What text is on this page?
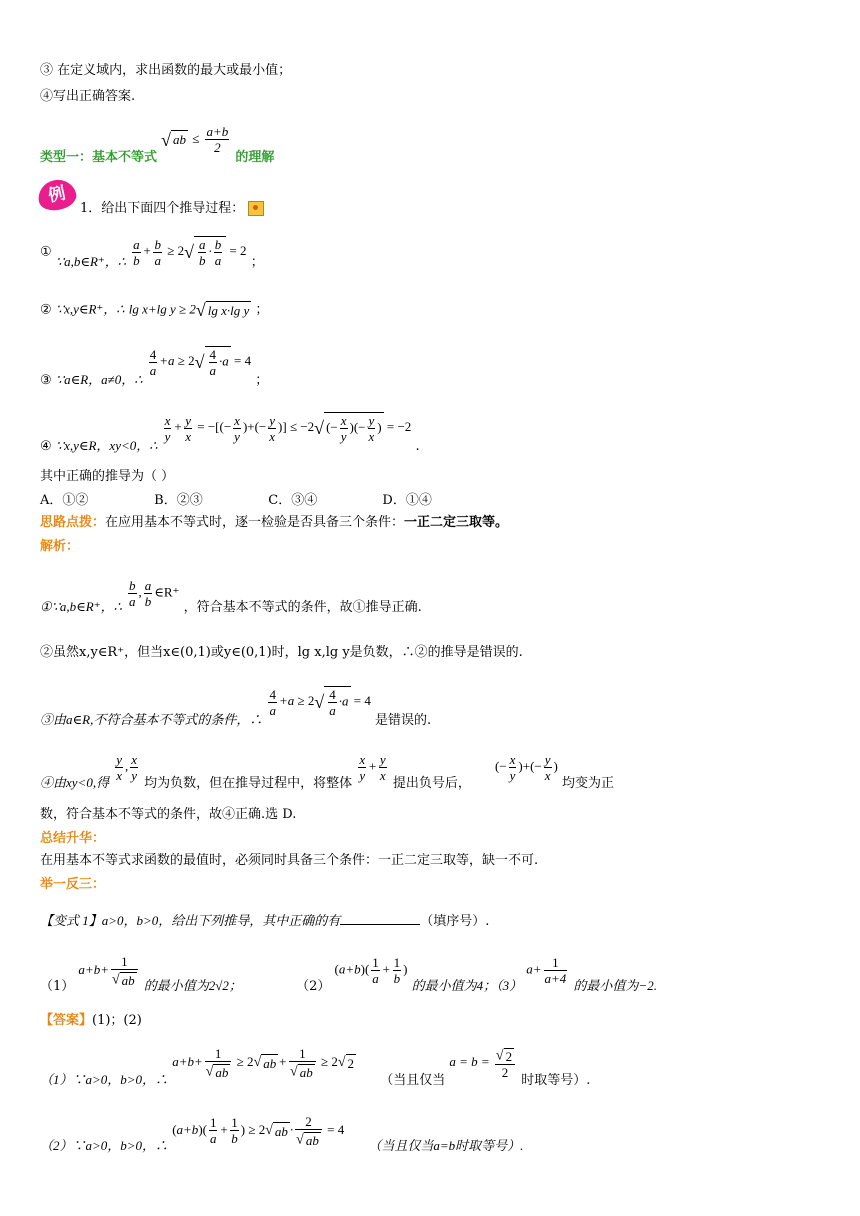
③ 在定义域内，求出函数的最大或最小值；
④写出正确答案.
类型一：基本不等式 √ ab ≤ $\frac{a+b}{2}$
的理解
例
1．给出下面四个推导过程：
① ∵a,b∈R⁺，∴ $\frac{a}{b} + \frac{b}{a} \ge 2√ \frac{a}{b} \cdot \frac{b}{a} = 2$ ；
② ∵x,y∈R⁺，∴ lg x+lg y ≥ 2√ lg x·lg y ；
③ ∵a∈R，a≠0，∴
$\frac{4}{a} +a \ge 2√ \frac{4}{a} \cdot a = 4$ ；
④ ∵x,y∈R，xy<0，∴
$\frac{x}{y} + \frac{y}{x}$ = −[(− $\frac{x}{y}$ )+(− $\frac{y}{x}$ )] ≤ −2√ (− $\frac{x}{y}$ )(− $\frac{y}{x}$ ) = −2 .
其中正确的推导为（ ）
A．①②	B．②③	C．③④	D．①④
思路点拨：在应用基本不等式时，逐一检验是否具备三个条件：一正二定三取等。
解析：
①∵a,b∈R⁺，∴ $\frac{b}{a}$ , $\frac{a}{b}$ ∈R⁺ ，符合基本不等式的条件，故①推导正确.
②虽然x,y∈R⁺，但当x∈(0,1)或y∈(0,1)时，lg x,lg y是负数，∴②的推导是错误的.
③由a∈R,不符合基本不等式的条件，∴
$\frac{4}{a} +a \ge 2√ \frac{4}{a} \cdot a = 4$ 是错误的.
④由xy<0,得 $\frac{y}{x}$ , $\frac{x}{y}$
均为负数，但在推导过程中，将整体
$\frac{x}{y} + \frac{y}{x}$
提出负号后， (− $\frac{x}{y}$ )+(− $\frac{y}{x}$ ) 均变为正
数，符合基本不等式的条件，故④正确.选 D.
总结升华：
在用基本不等式求函数的最值时，必须同时具备三个条件：一正二定三取等，缺一不可.
举一反三：
【变式 1】a>0，b>0，给出下列推导，其中正确的有	（填序号）.
（1） $a+b+ \frac{1}{√ ab}$ 的最小值为2√2；	（2） $(a+b)( \frac{1}{a} + \frac{1}{b}$ ) 的最小值为4；（3） $a+ \frac{1}{a+4}$ 的最小值为−2.
【答案】(1)；(2)
（1）∵a>0，b>0，∴ $a+b+ \frac{1}{√ ab} \ge 2√$ ab + $\frac{1}{√ ab} \ge 2√$ 2 （当且仅当 $a = b = \frac{√ 2}{2}$
时取等号）.
（2）∵a>0，b>0，∴ $(a+b)( \frac{1}{a} + \frac{1}{b}$ ) ≥ 2√ ab · $\frac{2}{√ ab} = 4$ （当且仅当a=b时取等号）.
